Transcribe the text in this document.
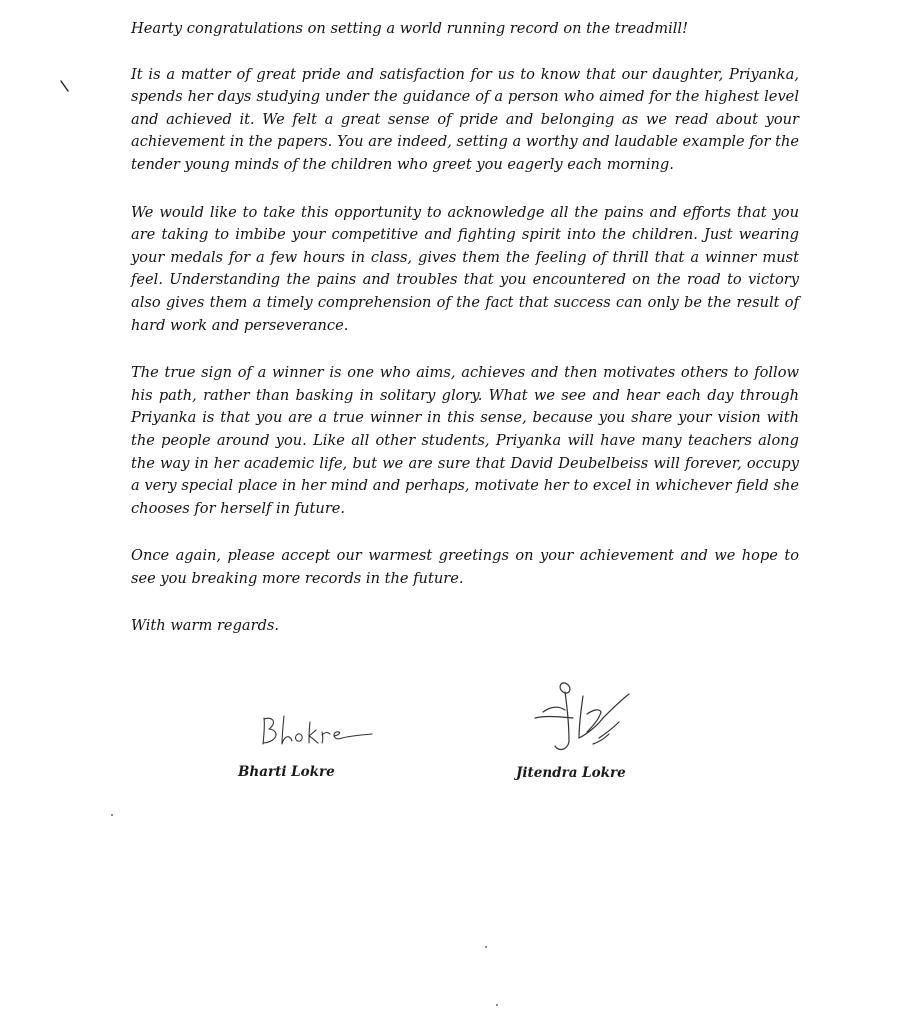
Hearty congratulations on setting a world running record on the treadmill!

It is a matter of great pride and satisfaction for us to know that our daughter, Priyanka, spends her days studying under the guidance of a person who aimed for the highest level and achieved it. We felt a great sense of pride and belonging as we read about your achievement in the papers. You are indeed, setting a worthy and laudable example for the tender young minds of the children who greet you eagerly each morning.

We would like to take this opportunity to acknowledge all the pains and efforts that you are taking to imbibe your competitive and fighting spirit into the children. Just wearing your medals for a few hours in class, gives them the feeling of thrill that a winner must feel. Understanding the pains and troubles that you encountered on the road to victory also gives them a timely comprehension of the fact that success can only be the result of hard work and perseverance.

The true sign of a winner is one who aims, achieves and then motivates others to follow his path, rather than basking in solitary glory. What we see and hear each day through Priyanka is that you are a true winner in this sense, because you share your vision with the people around you. Like all other students, Priyanka will have many teachers along the way in her academic life, but we are sure that David Deubelbeiss will forever, occupy a very special place in her mind and perhaps, motivate her to excel in whichever field she chooses for herself in future.

Once again, please accept our warmest greetings on your achievement and we hope to see you breaking more records in the future.

With warm regards.

Bharti Lokre	Jitendra Lokre
